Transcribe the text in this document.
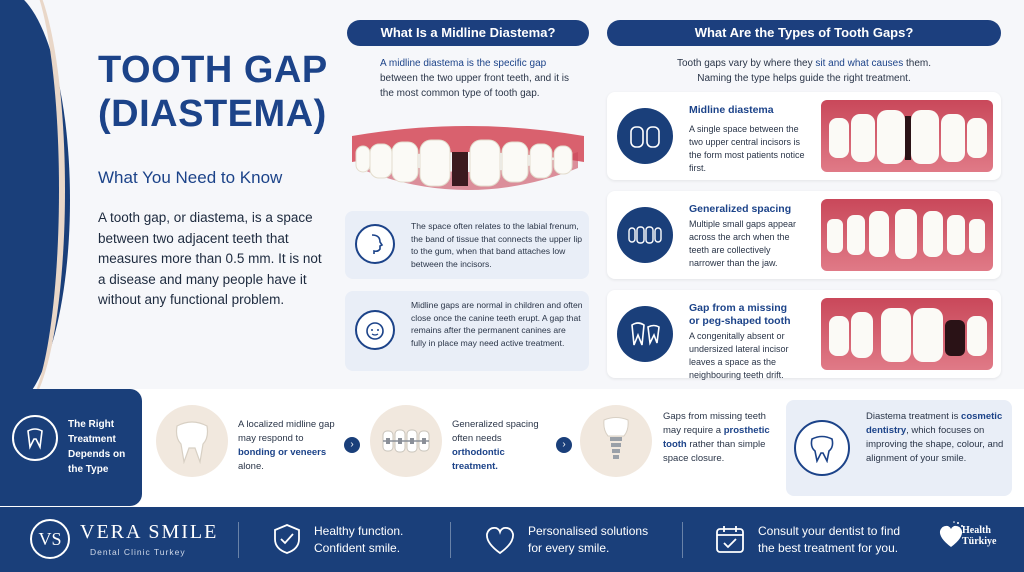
TOOTH GAP
(DIASTEMA)
What You Need to Know
A tooth gap, or diastema, is a space between two adjacent teeth that measures more than 0.5 mm. It is not a disease and many people have it without any functional problem.
What Is a Midline Diastema?
A midline diastema is the specific gap between the two upper front teeth, and it is the most common type of tooth gap.
The space often relates to the labial frenum, the band of tissue that connects the upper lip to the gum, when that band attaches low between the incisors.
Midline gaps are normal in children and often close once the canine teeth erupt. A gap that remains after the permanent canines are fully in place may need active treatment.
What Are the Types of Tooth Gaps?
Tooth gaps vary by where they sit and what causes them.
Naming the type helps guide the right treatment.
Midline diastema
A single space between the two upper central incisors is the form most patients notice first.
Generalized spacing
Multiple small gaps appear across the arch when the teeth are collectively narrower than the jaw.
Gap from a missing
or peg-shaped tooth
A congenitally absent or undersized lateral incisor leaves a space as the neighbouring teeth drift.
The Right Treatment Depends on the Type
A localized midline gap may respond to bonding or veneers alone.
›
Generalized spacing often needs orthodontic treatment.
›
Gaps from missing teeth may require a prosthetic tooth rather than simple space closure.
Diastema treatment is cosmetic dentistry, which focuses on improving the shape, colour, and alignment of your smile.
VS VERA SMILE
Dental Clinic Turkey
Healthy function.
Confident smile.
Personalised solutions
for every smile.
Consult your dentist to find
the best treatment for you.
Health
Türkiye
